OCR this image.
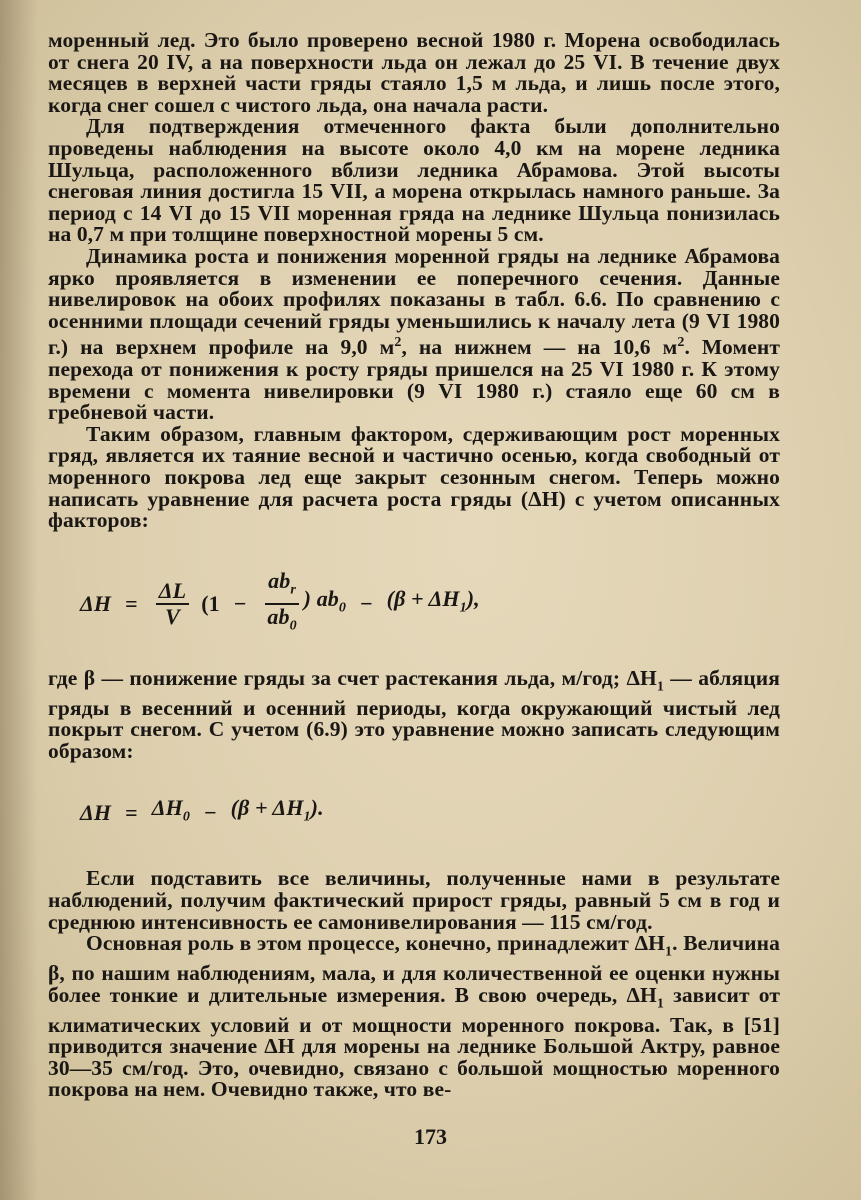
моренный лед. Это было проверено весной 1980 г. Морена освободилась от снега 20 IV, а на поверхности льда он лежал до 25 VI. В течение двух месяцев в верхней части гряды стаяло 1,5 м льда, и лишь после этого, когда снег сошел с чистого льда, она начала расти.

Для подтверждения отмеченного факта были дополнительно проведены наблюдения на высоте около 4,0 км на морене ледника Шульца, расположенного вблизи ледника Абрамова. Этой высоты снеговая линия достигла 15 VII, а морена открылась намного раньше. За период с 14 VI до 15 VII моренная гряда на леднике Шульца понизилась на 0,7 м при толщине поверхностной морены 5 см.

Динамика роста и понижения моренной гряды на леднике Абрамова ярко проявляется в изменении ее поперечного сечения. Данные нивелировок на обоих профилях показаны в табл. 6.6. По сравнению с осенними площади сечений гряды уменьшились к началу лета (9 VI 1980 г.) на верхнем профиле на 9,0 $м^2$, на нижнем — на 10,6 $м^2$. Момент перехода от понижения к росту гряды пришелся на 25 VI 1980 г. К этому времени с момента нивелировки (9 VI 1980 г.) стаяло еще 60 см в гребневой части.

Таким образом, главным фактором, сдерживающим рост моренных гряд, является их таяние весной и частично осенью, когда свободный от моренного покрова лед еще закрыт сезонным снегом. Теперь можно написать уравнение для расчета роста гряды (ΔH) с учетом описанных факторов:

$\Delta H = \frac{\Delta L}{V} (1 - \frac{ab_r}{ab_0}$ ) $ab_0 - (\beta + \Delta H_1)$,

где β — понижение гряды за счет растекания льда, м/год; $\Delta H_1$ — абляция гряды в весенний и осенний периоды, когда окружающий чистый лед покрыт снегом. С учетом (6.9) это уравнение можно записать следующим образом:

$\Delta H = \Delta H_0 - (\beta + \Delta H_1)$.

Если подставить все величины, полученные нами в результате наблюдений, получим фактический прирост гряды, равный 5 см в год и среднюю интенсивность ее самонивелирования — 115 см/год.

Основная роль в этом процессе, конечно, принадлежит $\Delta H_1$. Величина β, по нашим наблюдениям, мала, и для количественной ее оценки нужны более тонкие и длительные измерения. В свою очередь, $\Delta H_1$ зависит от климатических условий и от мощности моренного покрова. Так, в [51] приводится значение ΔH для морены на леднике Большой Актру, равное 30—35 см/год. Это, очевидно, связано с большой мощностью моренного покрова на нем. Очевидно также, что ве-

173
